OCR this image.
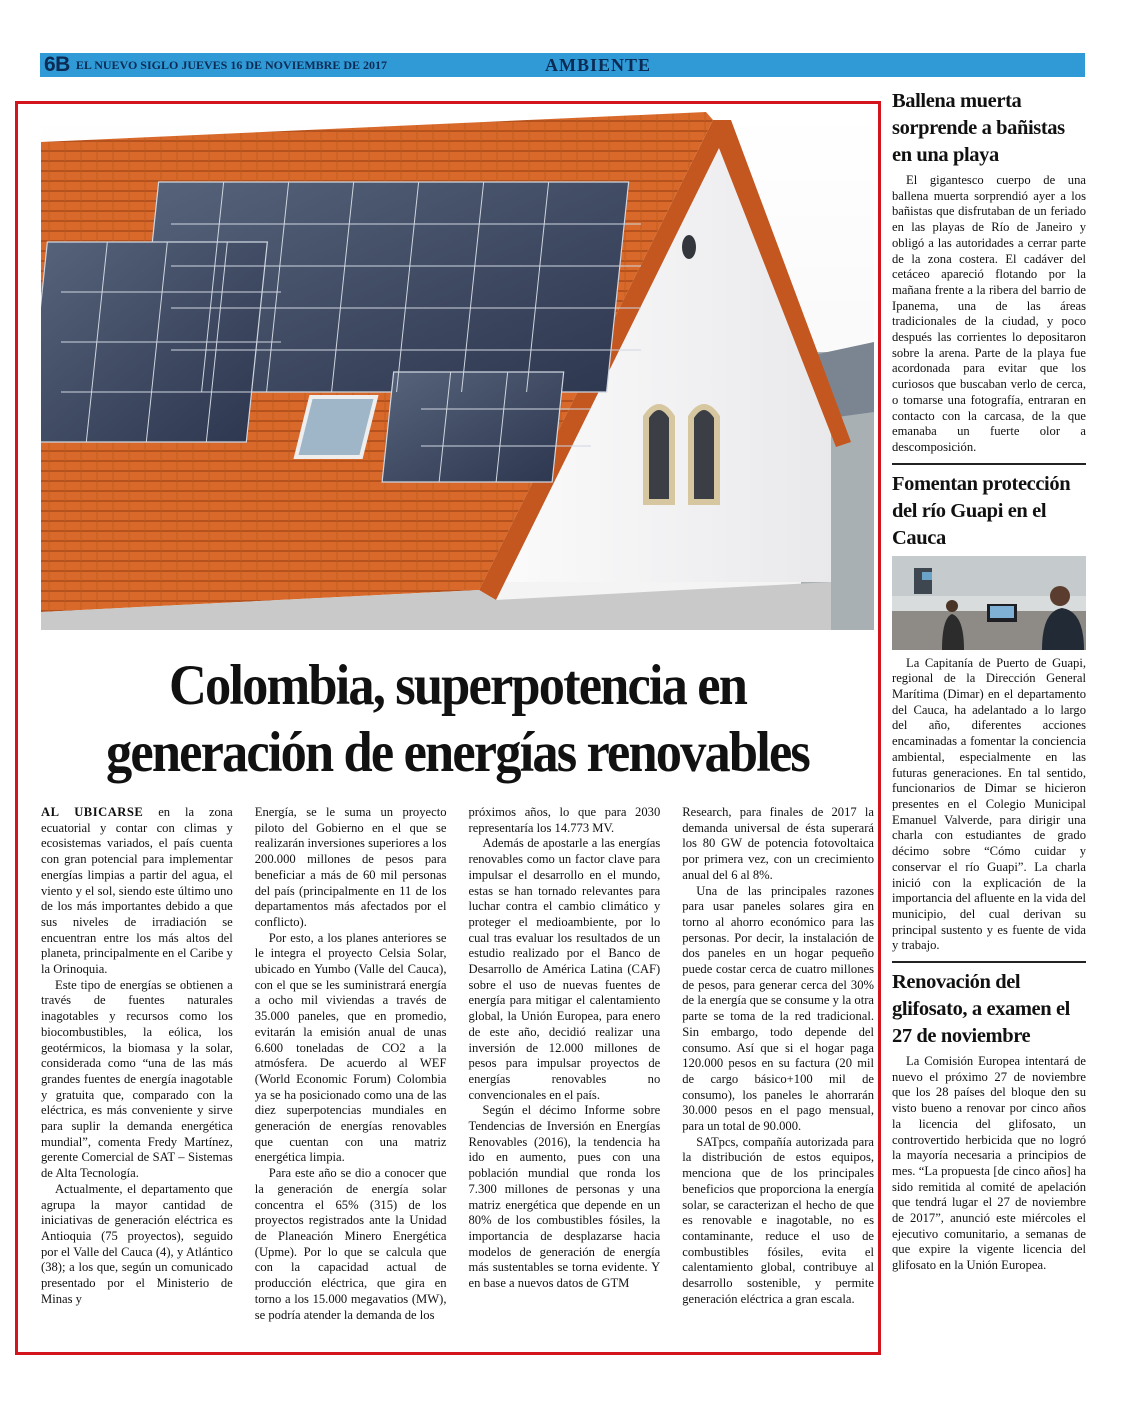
6B EL NUEVO SIGLO JUEVES 16 DE NOVIEMBRE DE 2017	AMBIENTE
Colombia, superpotencia en
generación de energías renovables

AL UBICARSE en la zona ecuatorial y contar con climas y ecosistemas variados, el país cuenta con gran potencial para implementar energías limpias a partir del agua, el viento y el sol, siendo este último uno de los más importantes debido a que sus niveles de irradiación se encuentran entre los más altos del planeta, principalmente en el Caribe y la Orinoquia.

Este tipo de energías se obtienen a través de fuentes naturales inagotables y recursos como los biocombustibles, la eólica, los geotérmicos, la biomasa y la solar, considerada como “una de las más grandes fuentes de energía inagotable y gratuita que, comparado con la eléctrica, es más conveniente y sirve para suplir la demanda energética mundial”, comenta Fredy Martínez, gerente Comercial de SAT – Sistemas de Alta Tecnología.

Actualmente, el departamento que agrupa la mayor cantidad de iniciativas de generación eléctrica es Antioquia (75 proyectos), seguido por el Valle del Cauca (4), y Atlántico (38); a los que, según un comunicado presentado por el Ministerio de Minas y

Energía, se le suma un proyecto piloto del Gobierno en el que se realizarán inversiones superiores a los 200.000 millones de pesos para beneficiar a más de 60 mil personas del país (principalmente en 11 de los departamentos más afectados por el conflicto).

Por esto, a los planes anteriores se le integra el proyecto Celsia Solar, ubicado en Yumbo (Valle del Cauca), con el que se les suministrará energía a ocho mil viviendas a través de 35.000 paneles, que en promedio, evitarán la emisión anual de unas 6.600 toneladas de CO2 a la atmósfera. De acuerdo al WEF (World Economic Forum) Colombia ya se ha posicionado como una de las diez superpotencias mundiales en generación de energías renovables que cuentan con una matriz energética limpia.

Para este año se dio a conocer que la generación de energía solar concentra el 65% (315) de los proyectos registrados ante la Unidad de Planeación Minero Energética (Upme). Por lo que se calcula que con la capacidad actual de producción eléctrica, que gira en torno a los 15.000 megavatios (MW), se podría atender la demanda de los

próximos años, lo que para 2030 representaría los 14.773 MV.

Además de apostarle a las energías renovables como un factor clave para impulsar el desarrollo en el mundo, estas se han tornado relevantes para luchar contra el cambio climático y proteger el medioambiente, por lo cual tras evaluar los resultados de un estudio realizado por el Banco de Desarrollo de América Latina (CAF) sobre el uso de nuevas fuentes de energía para mitigar el calentamiento global, la Unión Europea, para enero de este año, decidió realizar una inversión de 12.000 millones de pesos para impulsar proyectos de energías renovables no convencionales en el país.

Según el décimo Informe sobre Tendencias de Inversión en Energías Renovables (2016), la tendencia ha ido en aumento, pues con una población mundial que ronda los 7.300 millones de personas y una matriz energética que depende en un 80% de los combustibles fósiles, la importancia de desplazarse hacia modelos de generación de energía más sustentables se torna evidente. Y en base a nuevos datos de GTM

Research, para finales de 2017 la demanda universal de ésta superará los 80 GW de potencia fotovoltaica por primera vez, con un crecimiento anual del 6 al 8%.

Una de las principales razones para usar paneles solares gira en torno al ahorro económico para las personas. Por decir, la instalación de dos paneles en un hogar pequeño puede costar cerca de cuatro millones de pesos, para generar cerca del 30% de la energía que se consume y la otra parte se toma de la red tradicional. Sin embargo, todo depende del consumo. Así que si el hogar paga 120.000 pesos en su factura (20 mil de cargo básico+100 mil de consumo), los paneles le ahorrarán 30.000 pesos en el pago mensual, para un total de 90.000.

SATpcs, compañía autorizada para la distribución de estos equipos, menciona que de los principales beneficios que proporciona la energía solar, se caracterizan el hecho de que es renovable e inagotable, no es contaminante, reduce el uso de combustibles fósiles, evita el calentamiento global, contribuye al desarrollo sostenible, y permite generación eléctrica a gran escala.

Ballena muerta sorprende a bañistas en una playa

El gigantesco cuerpo de una ballena muerta sorprendió ayer a los bañistas que disfrutaban de un feriado en las playas de Río de Janeiro y obligó a las autoridades a cerrar parte de la zona costera. El cadáver del cetáceo apareció flotando por la mañana frente a la ribera del barrio de Ipanema, una de las áreas tradicionales de la ciudad, y poco después las corrientes lo depositaron sobre la arena. Parte de la playa fue acordonada para evitar que los curiosos que buscaban verlo de cerca, o tomarse una fotografía, entraran en contacto con la carcasa, de la que emanaba un fuerte olor a descomposición.

Fomentan protección del río Guapi en el Cauca

La Capitanía de Puerto de Guapi, regional de la Dirección General Marítima (Dimar) en el departamento del Cauca, ha adelantado a lo largo del año, diferentes acciones encaminadas a fomentar la conciencia ambiental, especialmente en las futuras generaciones. En tal sentido, funcionarios de Dimar se hicieron presentes en el Colegio Municipal Emanuel Valverde, para dirigir una charla con estudiantes de grado décimo sobre “Cómo cuidar y conservar el río Guapi”. La charla inició con la explicación de la importancia del afluente en la vida del municipio, del cual derivan su principal sustento y es fuente de vida y trabajo.

Renovación del glifosato, a examen el 27 de noviembre

La Comisión Europea intentará de nuevo el próximo 27 de noviembre que los 28 países del bloque den su visto bueno a renovar por cinco años la licencia del glifosato, un controvertido herbicida que no logró la mayoría necesaria a principios de mes. “La propuesta [de cinco años] ha sido remitida al comité de apelación que tendrá lugar el 27 de noviembre de 2017”, anunció este miércoles el ejecutivo comunitario, a semanas de que expire la vigente licencia del glifosato en la Unión Europea.
